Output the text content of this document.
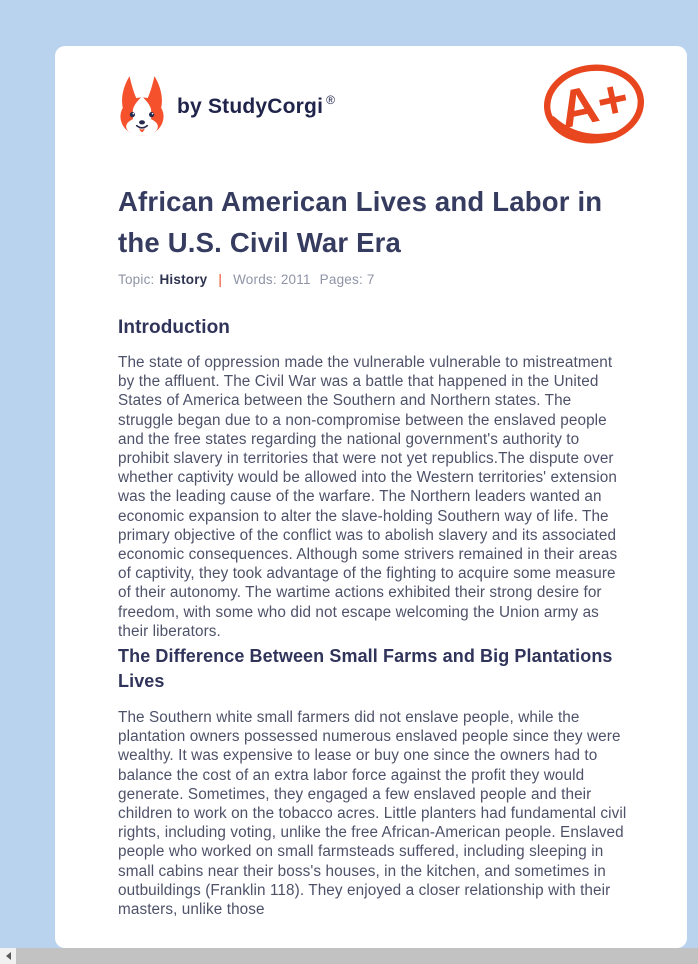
by StudyCorgi ®	A+
African American Lives and Labor in the U.S. Civil War Era
Topic: History | Words: 2011 Pages: 7
Introduction

The state of oppression made the vulnerable vulnerable to mistreatment by the affluent. The Civil War was a battle that happened in the United States of America between the Southern and Northern states. The struggle began due to a non-compromise between the enslaved people and the free states regarding the national government's authority to prohibit slavery in territories that were not yet republics.The dispute over whether captivity would be allowed into the Western territories' extension was the leading cause of the warfare. The Northern leaders wanted an economic expansion to alter the slave-holding Southern way of life. The primary objective of the conflict was to abolish slavery and its associated economic consequences. Although some strivers remained in their areas of captivity, they took advantage of the fighting to acquire some measure of their autonomy. The wartime actions exhibited their strong desire for freedom, with some who did not escape welcoming the Union army as their liberators.

The Difference Between Small Farms and Big Plantations Lives

The Southern white small farmers did not enslave people, while the plantation owners possessed numerous enslaved people since they were wealthy. It was expensive to lease or buy one since the owners had to balance the cost of an extra labor force against the profit they would generate. Sometimes, they engaged a few enslaved people and their children to work on the tobacco acres. Little planters had fundamental civil rights, including voting, unlike the free African-American people. Enslaved people who worked on small farmsteads suffered, including sleeping in small cabins near their boss's houses, in the kitchen, and sometimes in outbuildings (Franklin 118). They enjoyed a closer relationship with their masters, unlike those
